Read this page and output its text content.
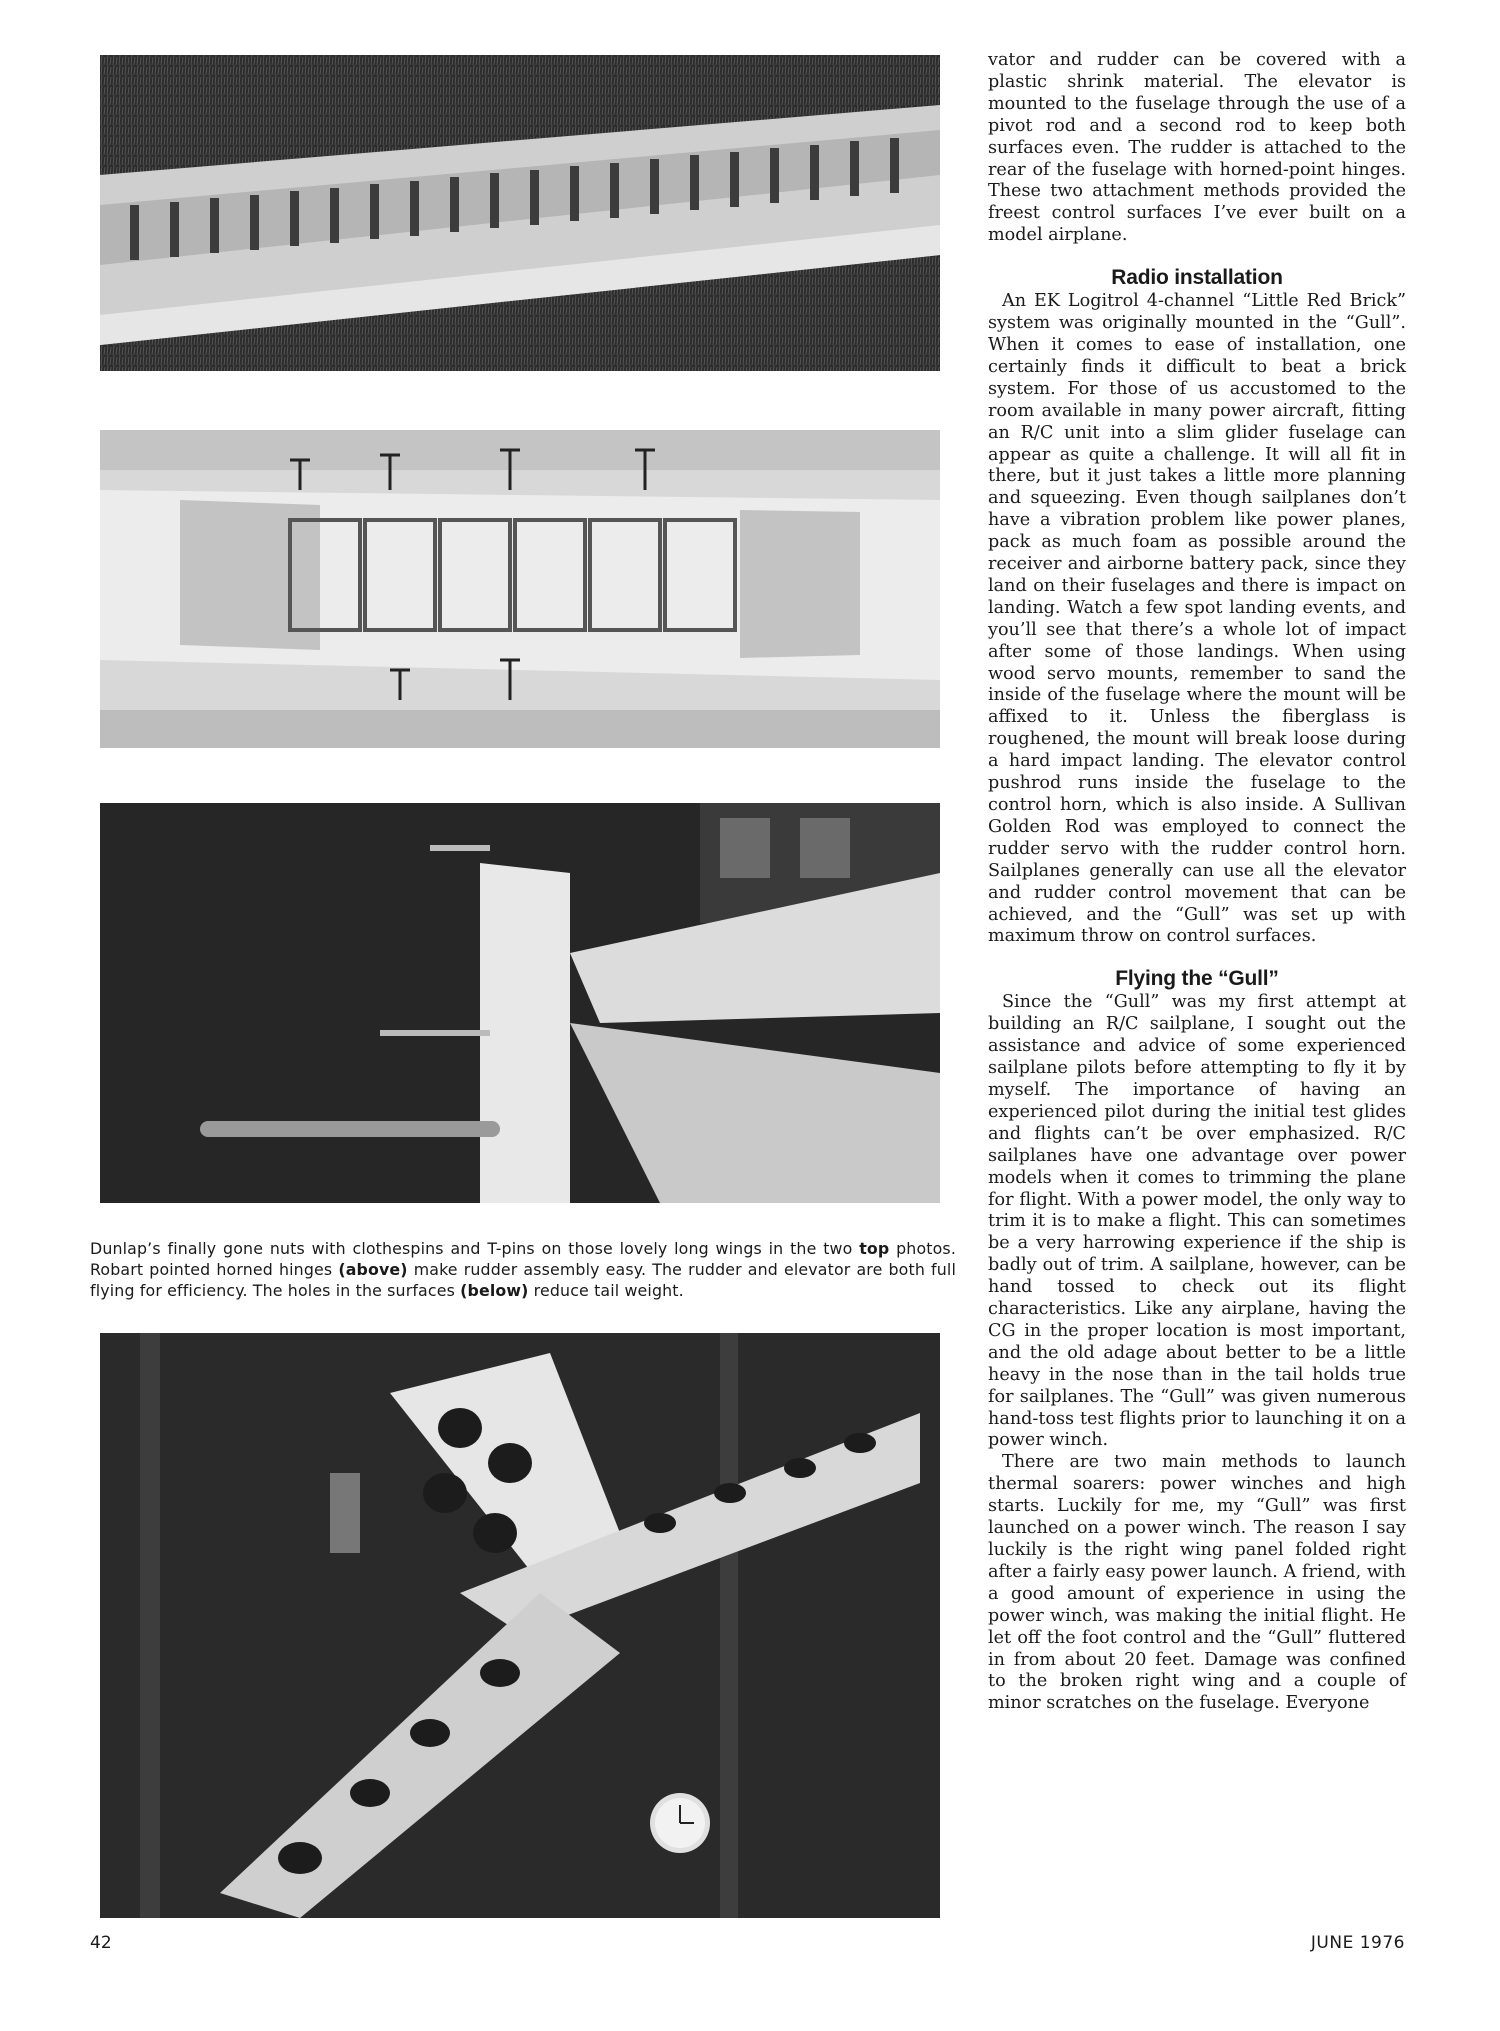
Dunlap’s finally gone nuts with clothespins and T-pins on those lovely long wings in the two top photos. Robart pointed horned hinges (above) make rudder assembly easy. The rudder and elevator are both full flying for efficiency. The holes in the surfaces (below) reduce tail weight.

vator and rudder can be covered with a plastic shrink material. The elevator is mounted to the fuselage through the use of a pivot rod and a second rod to keep both surfaces even. The rudder is attached to the rear of the fuselage with horned-point hinges. These two attachment methods provided the freest control surfaces I’ve ever built on a model airplane.

Radio installation

An EK Logitrol 4-channel “Little Red Brick” system was originally mounted in the “Gull”. When it comes to ease of installation, one certainly finds it difficult to beat a brick system. For those of us accustomed to the room available in many power aircraft, fitting an R/C unit into a slim glider fuselage can appear as quite a challenge. It will all fit in there, but it just takes a little more planning and squeezing. Even though sailplanes don’t have a vibration problem like power planes, pack as much foam as possible around the receiver and airborne battery pack, since they land on their fuselages and there is impact on landing. Watch a few spot landing events, and you’ll see that there’s a whole lot of impact after some of those landings. When using wood servo mounts, remember to sand the inside of the fuselage where the mount will be affixed to it. Unless the fiberglass is roughened, the mount will break loose during a hard impact landing. The elevator control pushrod runs inside the fuselage to the control horn, which is also inside. A Sullivan Golden Rod was employed to connect the rudder servo with the rudder control horn. Sailplanes generally can use all the elevator and rudder control movement that can be achieved, and the “Gull” was set up with maximum throw on control surfaces.

Flying the “Gull”

Since the “Gull” was my first attempt at building an R/C sailplane, I sought out the assistance and advice of some experienced sailplane pilots before attempting to fly it by myself. The importance of having an experienced pilot during the initial test glides and flights can’t be over emphasized. R/C sailplanes have one advantage over power models when it comes to trimming the plane for flight. With a power model, the only way to trim it is to make a flight. This can sometimes be a very harrowing experience if the ship is badly out of trim. A sailplane, however, can be hand tossed to check out its flight characteristics. Like any airplane, having the CG in the proper location is most important, and the old adage about better to be a little heavy in the nose than in the tail holds true for sailplanes. The “Gull” was given numerous hand-toss test flights prior to launching it on a power winch.

There are two main methods to launch thermal soarers: power winches and high starts. Luckily for me, my “Gull” was first launched on a power winch. The reason I say luckily is the right wing panel folded right after a fairly easy power launch. A friend, with a good amount of experience in using the power winch, was making the initial flight. He let off the foot control and the “Gull” fluttered in from about 20 feet. Damage was confined to the broken right wing and a couple of minor scratches on the fuselage. Everyone

42	JUNE 1976
